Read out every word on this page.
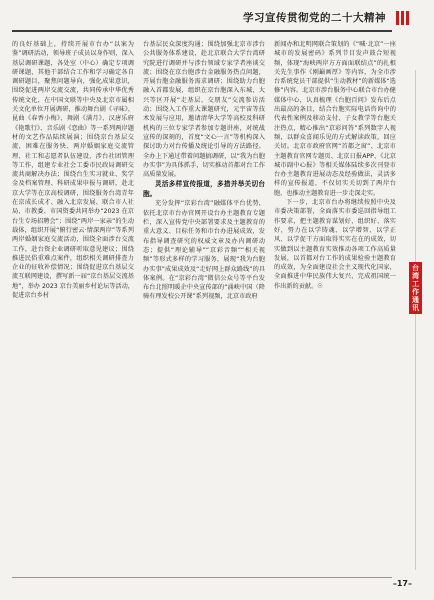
学习宣传贯彻党的二十大精神

的良好基础上，持续开展市台办“以案为鉴”调研活动，领导班子成员以身作则，深入基层调研课题，各处室（中心）确定专项调研课题，其他干部结合工作和学习确定各自调研题目，聚焦问题导向，强化成果意识，围绕促进两岸交流交流，共同传承中华优秀传统文化，在中国文联等中央及北京市属相关文化单位开展调研，推动舞台剧《寻味》、昆曲《春香小梅》、舞剧《满月》、汉唐乐府《艳歌行》、音乐剧《恋曲》等一系列两岸题材的文艺作品陆续展演；围绕京台基层交流，困难在服务快、两岸婚姻家庭交流管理、社工和志愿者队伍建设、涉台社团管理等工作，组建专业社会工委市民政局调研交流共商解决办法；围绕台生实习就业、奖学金及档案管理、科研成果申报与调研，赴北京大学等在京高校调研，围绕服务台湾青年在京成长成才、融入北京发展、联合市人社局、市教委、市国资委共同举办“2023 在京台生专场招聘会”；围绕“两岸一家亲”的生动载体，组织开展“俯行密云·情深两岸”等系列两岸婚姻家庭交流活动，围绕全面涉台交流工作，赴台资企业调研听取意见建议；围绕推进民俗重难点案件，组织相关调研排查力企业的征收补偿情况；围绕促进京台基层交流互联网建设，撰写新一届“京台基层交流基地”，举办 2023 京台美丽乡村论坛等活动，促进京台乡村

台基层民众深度沟通；围绕加强北京市涉台公共服务体系建设，赴北京联合大学台湾研究院进行调研并与涉台领域专家学者座谈交流；围绕在京台胞涉台金融服务热点问题，开展台胞金融服务需求调研；围绕助力台胞融入首都发展，组织在京台胞深入东城、大兴等区开展“走基层、交朋友”交流参访活动；围绕入工作重大课题研究，元宇宙等技术发展与应用，邀请清华大学等高校及科研机构的三位专家学者参加专题讲座，对统战宣传的深刻的，首度“文心一言”等机构深入探讨助力对台传播及统论引导的方法路径。全办上下通过带着问题搞调研，以“我为台胞办实事”为具体抓手，切实推动首都对台工作高质量发展。

灵活多样宣传报道，多措并举关切台胞。

充分发挥“京彩台湾”融媒体平台优势，依托北京市台办官网开设台办主题教育专题栏，深入宣传党中央部署要求及主题教育的重大意义、目标任务和市台办进展成效，发布指导调查研究的权威文章及办内调研动态；提供“理论辅导”“京彩音频”“相关视频”等形式多样的学习服务，展现“我为台胞办实事”成果成效及“走好网上群众路线”的具体案例。在“京彩台湾”微信公众号等平台发布台北照明暖企中央宣传部的“涌峡中国（降骑有理发校公开课”系列视频，北京市政府

新闻办和北明网联合策划的《“喊·北京”一座城市的发展密码》系列节目发声鼓合短视频，体现“海峡两岸方方面面联结点”的扎根关先生事作《刚巅画厚》等内容，为全市涉台系统党员干部提供“生动教材”的新媒体“选修”内容。北京市涉台服务中心联合市台办健媒体中心，认真梳理《台胞百问》发布后点出最高的条目，结合台胞实际电话咨询中的代表性案例及移动支付、子女教学等台胞关注热点，精心推出“京彩问答”系列数字人视频，以群众喜闻乐见的方式解读政策，回应关切。北京市政府官网“首都之窗”、北京市主题教育官网专题页、北京日报APP、《北京城市副中心报》等相关媒体陆续多次刊登市台办主题教育进展动态及经验做法，灵活多样的宣传报道，不仅切实关切到了两岸台胞，也推动主题教育进一步走深走实。

下一步，北京市台办将继续按照中央及市委决策部署，全面落实市委巡回指导组工作要求，把主题教育谋划好、组织好、落实好，努力在以学铸魂、以学增智、以学正风、以学促干方面取得实实在在的成效，切实做到以主题教育实效推动各项工作高质量发展，以首都对台工作的成果检验主题教育的成效，为全面建设社会主义现代化国家，全面推进中华民族伟大复兴、完成祖国统一作出新的贡献。☉	台湾工作通讯
–17–
